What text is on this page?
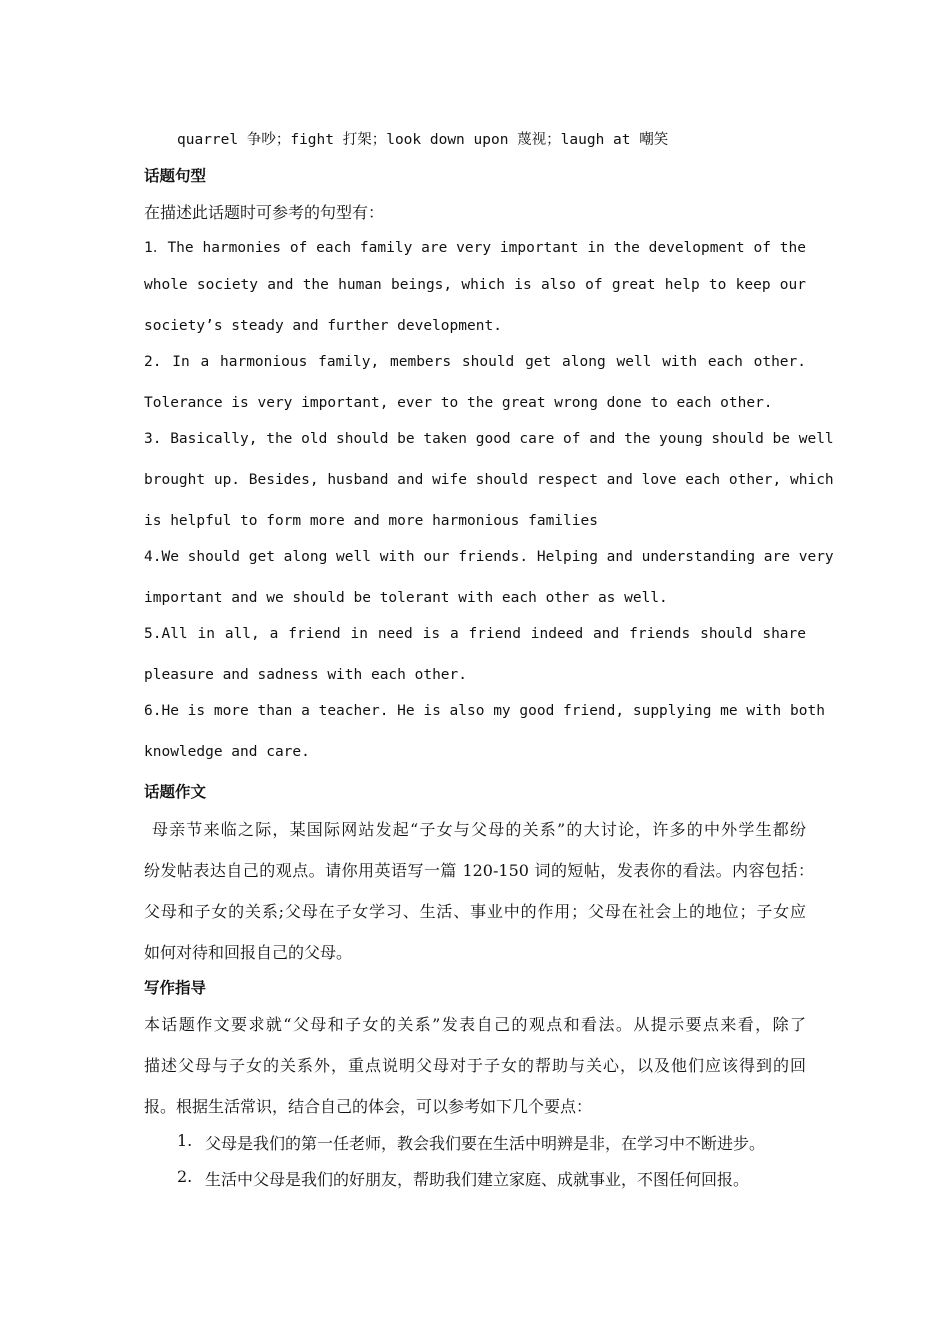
quarrel 争吵；fight 打架；look down upon 蔑视；laugh at 嘲笑

话题句型

在描述此话题时可参考的句型有：

1．The harmonies of each family are very important in the development of the

whole society and the human beings, which is also of great help to keep our

society’s steady and further development.

2. In a harmonious family, members should get along well with each other.

Tolerance is very important, ever to the great wrong done to each other.

3. Basically, the old should be taken good care of and the young should be well

brought up. Besides, husband and wife should respect and love each other, which

is helpful to form more and more harmonious families

4.We should get along well with our friends. Helping and understanding are very

important and we should be tolerant with each other as well.

5.All in all, a friend in need is a friend indeed and friends should share

pleasure and sadness with each other.

6.He is more than a teacher. He is also my good friend, supplying me with both

knowledge and care.

话题作文

母亲节来临之际，某国际网站发起“子女与父母的关系”的大讨论，许多的中外学生都纷

纷发帖表达自己的观点。请你用英语写一篇 120-150 词的短帖，发表你的看法。内容包括：

父母和子女的关系;父母在子女学习、生活、事业中的作用；父母在社会上的地位；子女应

如何对待和回报自己的父母。

写作指导

本话题作文要求就“父母和子女的关系”发表自己的观点和看法。从提示要点来看，除了

描述父母与子女的关系外，重点说明父母对于子女的帮助与关心，以及他们应该得到的回

报。根据生活常识，结合自己的体会，可以参考如下几个要点：

1. 父母是我们的第一任老师，教会我们要在生活中明辨是非，在学习中不断进步。
2. 生活中父母是我们的好朋友，帮助我们建立家庭、成就事业，不图任何回报。
